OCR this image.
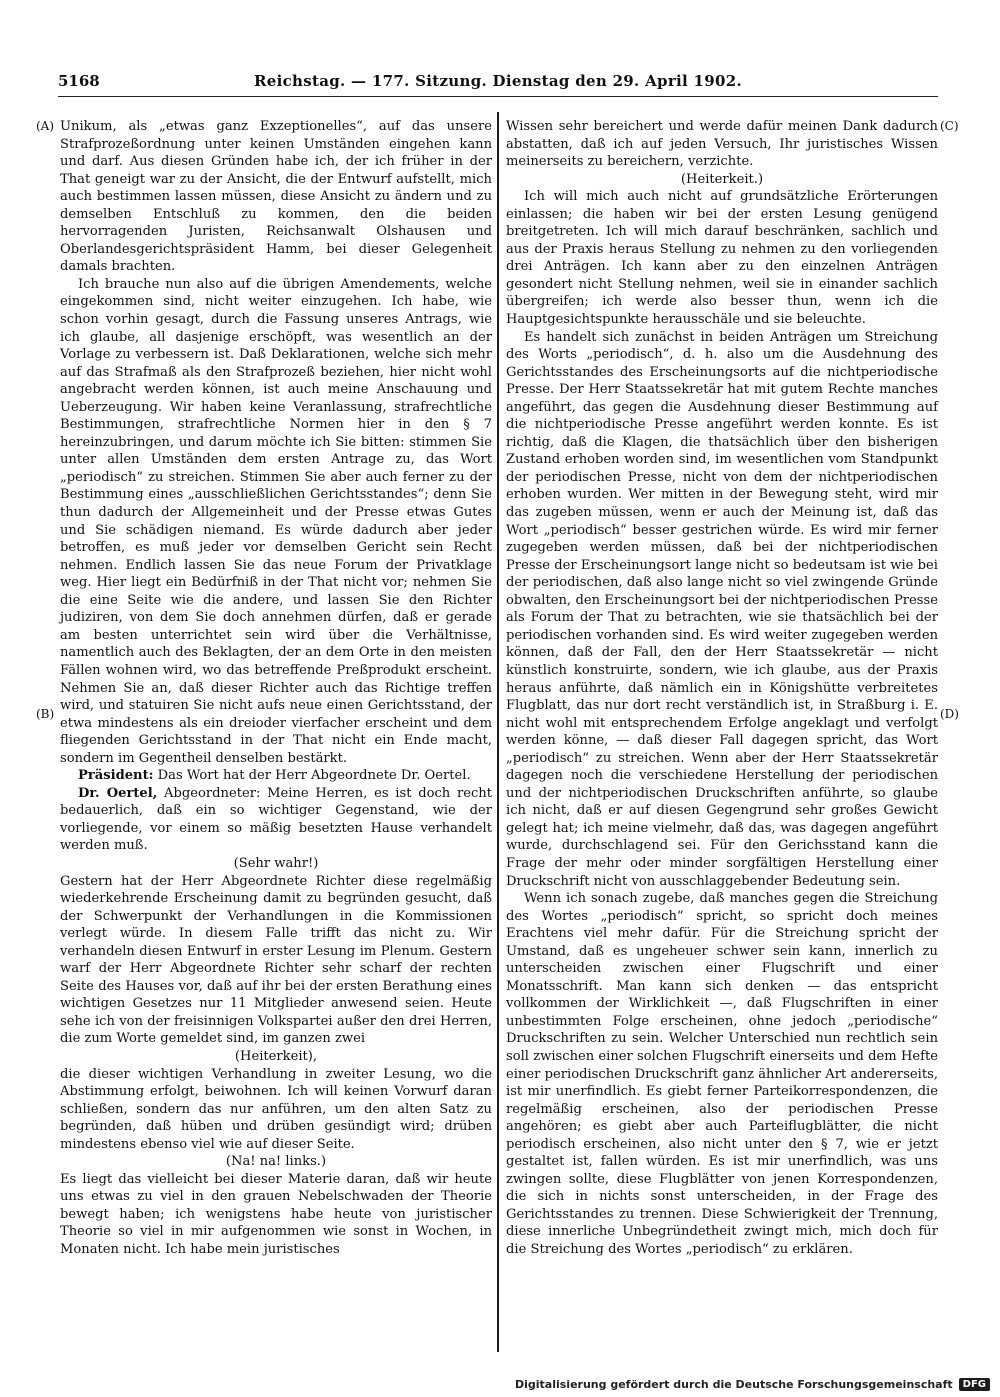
5168	Reichstag. — 177. Sitzung. Dienstag den 29. April 1902.
(A)
(B)
(C)
(D)

Unikum, als „etwas ganz Exzeptionelles“, auf das unsere Strafprozeßordnung unter keinen Umständen eingehen kann und darf. Aus diesen Gründen habe ich, der ich früher in der That geneigt war zu der Ansicht, die der Entwurf aufstellt, mich auch bestimmen lassen müssen, diese Ansicht zu ändern und zu demselben Entschluß zu kommen, den die beiden hervorragenden Juristen, Reichsanwalt Olshausen und Oberlandesgerichtspräsident Hamm, bei dieser Gelegenheit damals brachten.

Ich brauche nun also auf die übrigen Amendements, welche eingekommen sind, nicht weiter einzugehen. Ich habe, wie schon vorhin gesagt, durch die Fassung unseres Antrags, wie ich glaube, all dasjenige erschöpft, was wesentlich an der Vorlage zu verbessern ist. Daß Deklarationen, welche sich mehr auf das Strafmaß als den Strafprozeß beziehen, hier nicht wohl angebracht werden können, ist auch meine Anschauung und Ueberzeugung. Wir haben keine Veranlassung, strafrechtliche Bestimmungen, strafrechtliche Normen hier in den § 7 hereinzubringen, und darum möchte ich Sie bitten: stimmen Sie unter allen Umständen dem ersten Antrage zu, das Wort „periodisch“ zu streichen. Stimmen Sie aber auch ferner zu der Bestimmung eines „ausschließlichen Gerichtsstandes“; denn Sie thun dadurch der Allgemeinheit und der Presse etwas Gutes und Sie schädigen niemand. Es würde dadurch aber jeder betroffen, es muß jeder vor demselben Gericht sein Recht nehmen. Endlich lassen Sie das neue Forum der Privatklage weg. Hier liegt ein Bedürfniß in der That nicht vor; nehmen Sie die eine Seite wie die andere, und lassen Sie den Richter judiziren, von dem Sie doch annehmen dürfen, daß er gerade am besten unterrichtet sein wird über die Verhältnisse, namentlich auch des Beklagten, der an dem Orte in den meisten Fällen wohnen wird, wo das betreffende Preßprodukt erscheint. Nehmen Sie an, daß dieser Richter auch das Richtige treffen wird, und statuiren Sie nicht aufs neue einen Gerichtsstand, der etwa mindestens als ein dreioder vierfacher erscheint und dem fliegenden Gerichtsstand in der That nicht ein Ende macht, sondern im Gegentheil denselben bestärkt.

Präsident: Das Wort hat der Herr Abgeordnete Dr. Oertel.

Dr. Oertel, Abgeordneter: Meine Herren, es ist doch recht bedauerlich, daß ein so wichtiger Gegenstand, wie der vorliegende, vor einem so mäßig besetzten Hause verhandelt werden muß.

(Sehr wahr!)

Gestern hat der Herr Abgeordnete Richter diese regelmäßig wiederkehrende Erscheinung damit zu begründen gesucht, daß der Schwerpunkt der Verhandlungen in die Kommissionen verlegt würde. In diesem Falle trifft das nicht zu. Wir verhandeln diesen Entwurf in erster Lesung im Plenum. Gestern warf der Herr Abgeordnete Richter sehr scharf der rechten Seite des Hauses vor, daß auf ihr bei der ersten Berathung eines wichtigen Gesetzes nur 11 Mitglieder anwesend seien. Heute sehe ich von der freisinnigen Volkspartei außer den drei Herren, die zum Worte gemeldet sind, im ganzen zwei

(Heiterkeit),

die dieser wichtigen Verhandlung in zweiter Lesung, wo die Abstimmung erfolgt, beiwohnen. Ich will keinen Vorwurf daran schließen, sondern das nur anführen, um den alten Satz zu begründen, daß hüben und drüben gesündigt wird; drüben mindestens ebenso viel wie auf dieser Seite.

(Na! na! links.)

Es liegt das vielleicht bei dieser Materie daran, daß wir heute uns etwas zu viel in den grauen Nebelschwaden der Theorie bewegt haben; ich wenigstens habe heute von juristischer Theorie so viel in mir aufgenommen wie sonst in Wochen, in Monaten nicht. Ich habe mein juristisches

Wissen sehr bereichert und werde dafür meinen Dank dadurch abstatten, daß ich auf jeden Versuch, Ihr juristisches Wissen meinerseits zu bereichern, verzichte.

(Heiterkeit.)

Ich will mich auch nicht auf grundsätzliche Erörterungen einlassen; die haben wir bei der ersten Lesung genügend breitgetreten. Ich will mich darauf beschränken, sachlich und aus der Praxis heraus Stellung zu nehmen zu den vorliegenden drei Anträgen. Ich kann aber zu den einzelnen Anträgen gesondert nicht Stellung nehmen, weil sie in einander sachlich übergreifen; ich werde also besser thun, wenn ich die Hauptgesichtspunkte herausschäle und sie beleuchte.

Es handelt sich zunächst in beiden Anträgen um Streichung des Worts „periodisch“, d. h. also um die Ausdehnung des Gerichtsstandes des Erscheinungsorts auf die nichtperiodische Presse. Der Herr Staatssekretär hat mit gutem Rechte manches angeführt, das gegen die Ausdehnung dieser Bestimmung auf die nichtperiodische Presse angeführt werden konnte. Es ist richtig, daß die Klagen, die thatsächlich über den bisherigen Zustand erhoben worden sind, im wesentlichen vom Standpunkt der periodischen Presse, nicht von dem der nichtperiodischen erhoben wurden. Wer mitten in der Bewegung steht, wird mir das zugeben müssen, wenn er auch der Meinung ist, daß das Wort „periodisch“ besser gestrichen würde. Es wird mir ferner zugegeben werden müssen, daß bei der nichtperiodischen Presse der Erscheinungsort lange nicht so bedeutsam ist wie bei der periodischen, daß also lange nicht so viel zwingende Gründe obwalten, den Erscheinungsort bei der nichtperiodischen Presse als Forum der That zu betrachten, wie sie thatsächlich bei der periodischen vorhanden sind. Es wird weiter zugegeben werden können, daß der Fall, den der Herr Staatssekretär — nicht künstlich konstruirte, sondern, wie ich glaube, aus der Praxis heraus anführte, daß nämlich ein in Königshütte verbreitetes Flugblatt, das nur dort recht verständlich ist, in Straßburg i. E. nicht wohl mit entsprechendem Erfolge angeklagt und verfolgt werden könne, — daß dieser Fall dagegen spricht, das Wort „periodisch“ zu streichen. Wenn aber der Herr Staatssekretär dagegen noch die verschiedene Herstellung der periodischen und der nichtperiodischen Druckschriften anführte, so glaube ich nicht, daß er auf diesen Gegengrund sehr großes Gewicht gelegt hat; ich meine vielmehr, daß das, was dagegen angeführt wurde, durchschlagend sei. Für den Gerichsstand kann die Frage der mehr oder minder sorgfältigen Herstellung einer Druckschrift nicht von ausschlaggebender Bedeutung sein.

Wenn ich sonach zugebe, daß manches gegen die Streichung des Wortes „periodisch“ spricht, so spricht doch meines Erachtens viel mehr dafür. Für die Streichung spricht der Umstand, daß es ungeheuer schwer sein kann, innerlich zu unterscheiden zwischen einer Flugschrift und einer Monatsschrift. Man kann sich denken — das entspricht vollkommen der Wirklichkeit —, daß Flugschriften in einer unbestimmten Folge erscheinen, ohne jedoch „periodische“ Druckschriften zu sein. Welcher Unterschied nun rechtlich sein soll zwischen einer solchen Flugschrift einerseits und dem Hefte einer periodischen Druckschrift ganz ähnlicher Art andererseits, ist mir unerfindlich. Es giebt ferner Parteikorrespondenzen, die regelmäßig erscheinen, also der periodischen Presse angehören; es giebt aber auch Parteiflugblätter, die nicht periodisch erscheinen, also nicht unter den § 7, wie er jetzt gestaltet ist, fallen würden. Es ist mir unerfindlich, was uns zwingen sollte, diese Flugblätter von jenen Korrespondenzen, die sich in nichts sonst unterscheiden, in der Frage des Gerichtsstandes zu trennen. Diese Schwierigkeit der Trennung, diese innerliche Unbegründetheit zwingt mich, mich doch für die Streichung des Wortes „periodisch“ zu erklären.

Digitalisierung gefördert durch die Deutsche Forschungsgemeinschaft	DFG
